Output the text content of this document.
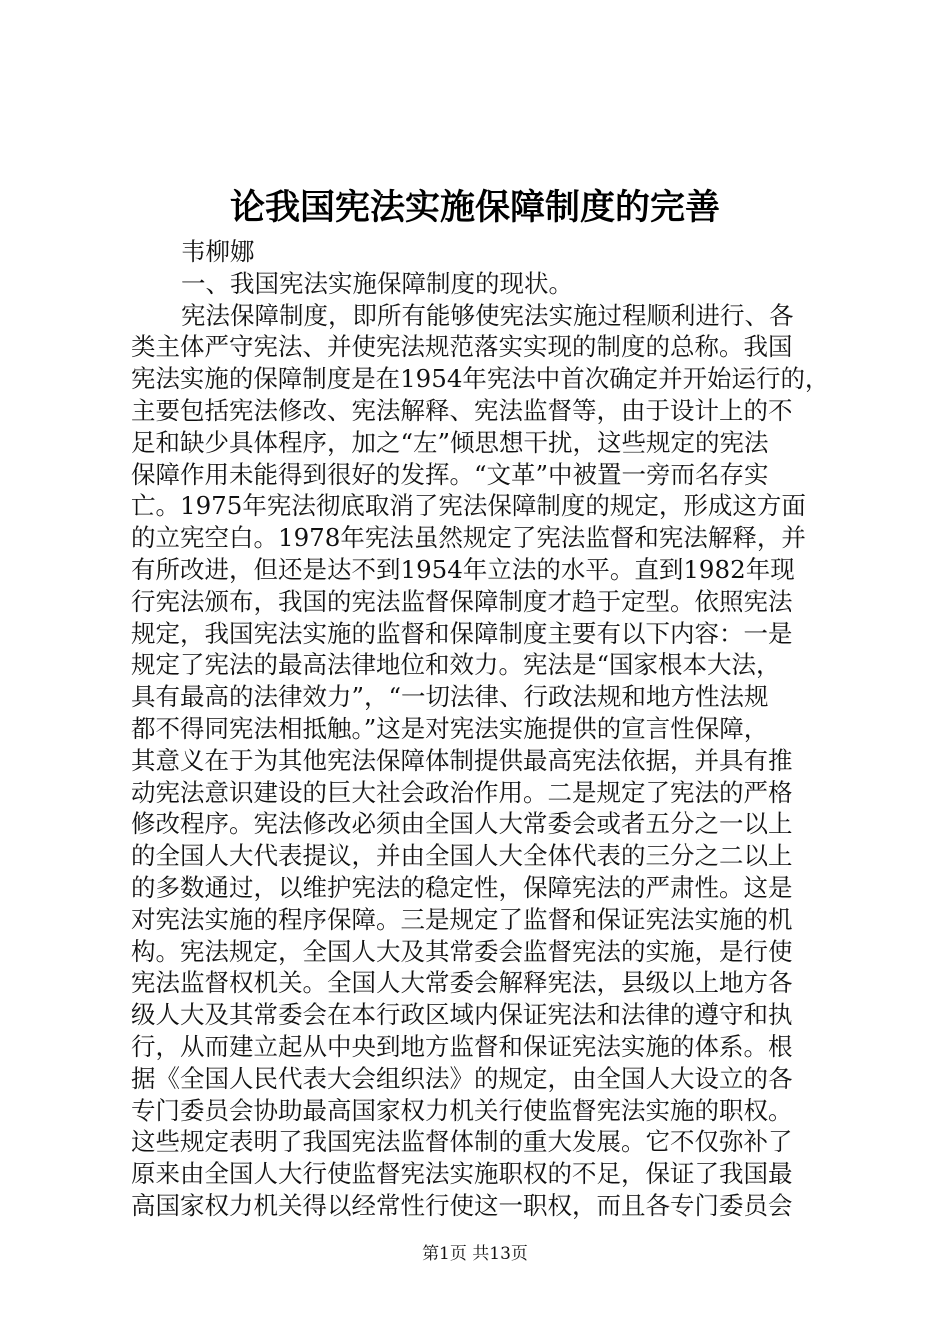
论我国宪法实施保障制度的完善
韦柳娜
一、我国宪法实施保障制度的现状。
宪法保障制度，即所有能够使宪法实施过程顺利进行、各
类主体严守宪法、并使宪法规范落实实现的制度的总称。我国
宪法实施的保障制度是在1954年宪法中首次确定并开始运行的，
主要包括宪法修改、宪法解释、宪法监督等，由于设计上的不
足和缺少具体程序，加之“左”倾思想干扰，这些规定的宪法
保障作用未能得到很好的发挥。“文革”中被置一旁而名存实
亡。1975年宪法彻底取消了宪法保障制度的规定，形成这方面
的立宪空白。1978年宪法虽然规定了宪法监督和宪法解释，并
有所改进，但还是达不到1954年立法的水平。直到1982年现
行宪法颁布，我国的宪法监督保障制度才趋于定型。依照宪法
规定，我国宪法实施的监督和保障制度主要有以下内容：一是
规定了宪法的最高法律地位和效力。宪法是“国家根本大法，
具有最高的法律效力”，“一切法律、行政法规和地方性法规
都不得同宪法相抵触。”这是对宪法实施提供的宣言性保障，
其意义在于为其他宪法保障体制提供最高宪法依据，并具有推
动宪法意识建设的巨大社会政治作用。二是规定了宪法的严格
修改程序。宪法修改必须由全国人大常委会或者五分之一以上
的全国人大代表提议，并由全国人大全体代表的三分之二以上
的多数通过，以维护宪法的稳定性，保障宪法的严肃性。这是
对宪法实施的程序保障。三是规定了监督和保证宪法实施的机
构。宪法规定，全国人大及其常委会监督宪法的实施，是行使
宪法监督权机关。全国人大常委会解释宪法，县级以上地方各
级人大及其常委会在本行政区域内保证宪法和法律的遵守和执
行，从而建立起从中央到地方监督和保证宪法实施的体系。根
据《全国人民代表大会组织法》的规定，由全国人大设立的各
专门委员会协助最高国家权力机关行使监督宪法实施的职权。
这些规定表明了我国宪法监督体制的重大发展。它不仅弥补了
原来由全国人大行使监督宪法实施职权的不足，保证了我国最
高国家权力机关得以经常性行使这一职权，而且各专门委员会
第1页 共13页
